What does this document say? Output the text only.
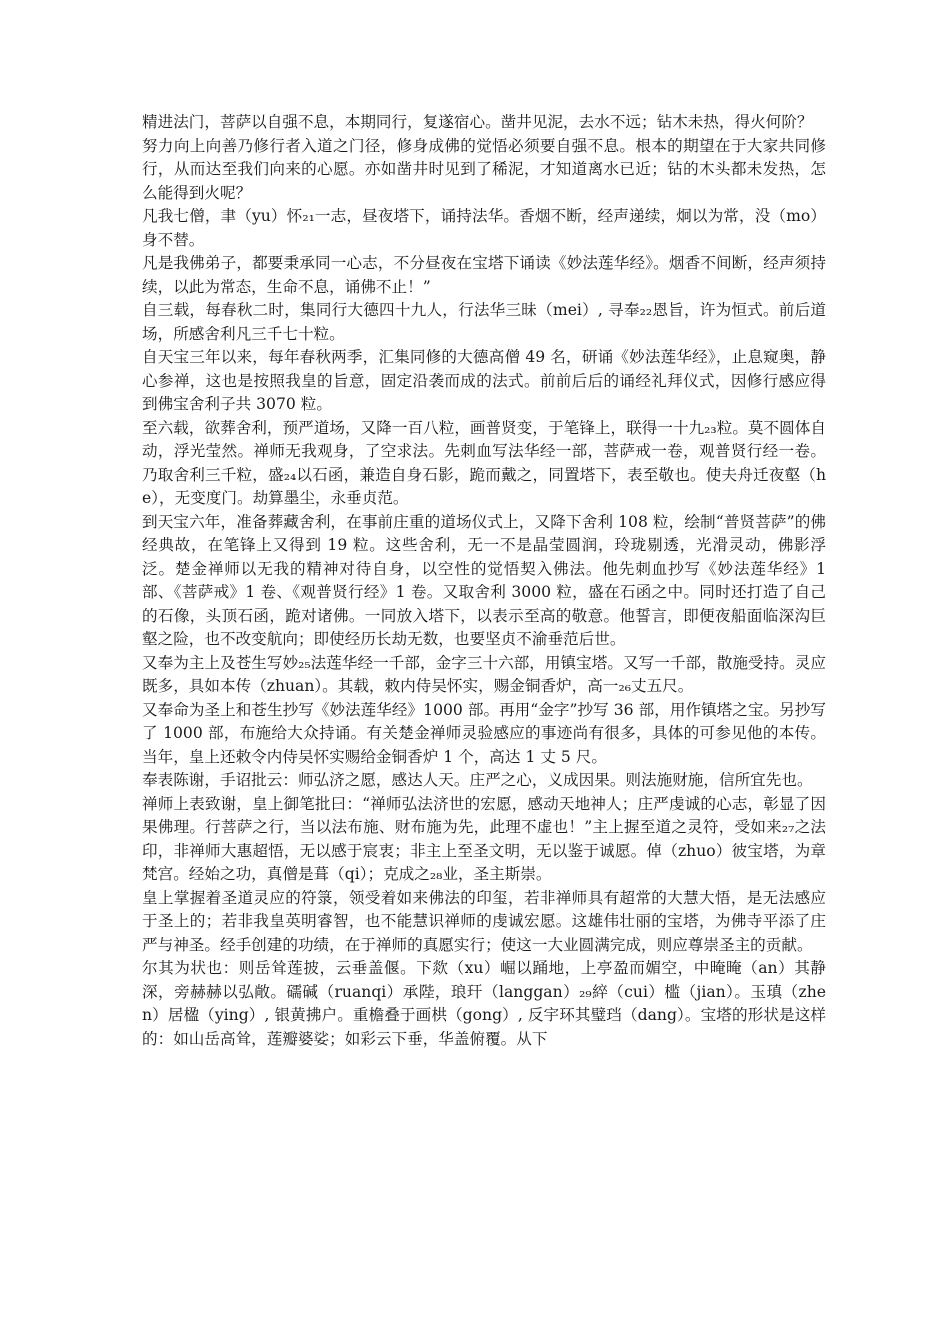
精进法门，菩萨以自强不息，本期同行，复遂宿心。凿井见泥，去水不远；钻木未热，得火何阶？

努力向上向善乃修行者入道之门径，修身成佛的觉悟必须要自强不息。根本的期望在于大家共同修行，从而达至我们向来的心愿。亦如凿井时见到了稀泥，才知道离水已近；钻的木头都未发热，怎么能得到火呢？

凡我七僧，聿（yu）怀₂₁一志，昼夜塔下，诵持法华。香烟不断，经声递续，炯以为常，没（mo）身不替。

凡是我佛弟子，都要秉承同一心志，不分昼夜在宝塔下诵读《妙法莲华经》。烟香不间断，经声须持续，以此为常态，生命不息，诵佛不止！”

自三载，每春秋二时，集同行大德四十九人，行法华三昧（mei）, 寻奉₂₂恩旨，许为恒式。前后道场，所感舍利凡三千七十粒。

自天宝三年以来，每年春秋两季，汇集同修的大德高僧 49 名，研诵《妙法莲华经》，止息窥奥，静心参禅，这也是按照我皇的旨意，固定沿袭而成的法式。前前后后的诵经礼拜仪式，因修行感应得到佛宝舍利子共 3070 粒。

至六载，欲葬舍利，预严道场，又降一百八粒，画普贤变，于笔锋上，联得一十九₂₃粒。莫不圆体自动，浮光莹然。禅师无我观身，了空求法。先刺血写法华经一部，菩萨戒一卷，观普贤行经一卷。乃取舍利三千粒，盛₂₄以石函，兼造自身石影，跪而戴之，同置塔下，表至敬也。使夫舟迁夜壑（he），无变度门。劫算墨尘，永垂贞范。

到天宝六年，准备葬藏舍利，在事前庄重的道场仪式上，又降下舍利 108 粒，绘制“普贤菩萨”的佛经典故，在笔锋上又得到 19 粒。这些舍利，无一不是晶莹圆润，玲珑剔透，光滑灵动，佛影浮泛。楚金禅师以无我的精神对待自身，以空性的觉悟契入佛法。他先刺血抄写《妙法莲华经》1 部、《菩萨戒》1 卷、《观普贤行经》1 卷。又取舍利 3000 粒，盛在石函之中。同时还打造了自己的石像，头顶石函，跪对诸佛。一同放入塔下，以表示至高的敬意。他誓言，即便夜船面临深沟巨壑之险，也不改变航向；即使经历长劫无数，也要坚贞不渝垂范后世。

又奉为主上及苍生写妙₂₅法莲华经一千部，金字三十六部，用镇宝塔。又写一千部，散施受持。灵应既多，具如本传（zhuan）。其载，敕内侍吴怀实，赐金铜香炉，高一₂₆丈五尺。

又奉命为圣上和苍生抄写《妙法莲华经》1000 部。再用“金字”抄写 36 部，用作镇塔之宝。另抄写了 1000 部，布施给大众持诵。有关楚金禅师灵验感应的事迹尚有很多，具体的可参见他的本传。当年，皇上还敕令内侍吴怀实赐给金铜香炉 1 个，高达 1 丈 5 尺。

奉表陈谢，手诏批云：师弘济之愿，感达人天。庄严之心，义成因果。则法施财施，信所宜先也。

禅师上表致谢，皇上御笔批曰：“禅师弘法济世的宏愿，感动天地神人；庄严虔诚的心志，彰显了因果佛理。行菩萨之行，当以法布施、财布施为先，此理不虚也！”主上握至道之灵符，受如来₂₇之法印，非禅师大惠超悟，无以感于宸衷；非主上至圣文明，无以鉴于诚愿。倬（zhuo）彼宝塔，为章梵宫。经始之功，真僧是葺（qi）；克成之₂₈业，圣主斯崇。

皇上掌握着圣道灵应的符箓，领受着如来佛法的印玺，若非禅师具有超常的大慧大悟，是无法感应于圣上的；若非我皇英明睿智，也不能慧识禅师的虔诚宏愿。这雄伟壮丽的宝塔，为佛寺平添了庄严与神圣。经手创建的功绩，在于禅师的真愿实行；使这一大业圆满完成，则应尊崇圣主的贡献。

尔其为状也：则岳耸莲披，云垂盖偃。下欻（xu）崛以踊地，上亭盈而媚空，中晻晻（an）其静深，旁赫赫以弘敞。礝碱（ruanqi）承陛，琅玕（langgan）₂₉綷（cui）槛（jian）。玉瑱（zhen）居楹（ying）, 银黄拂户。重檐叠于画栱（gong）, 反宇环其璧珰（dang）。宝塔的形状是这样的：如山岳高耸，莲瓣婆娑；如彩云下垂，华盖俯覆。从下
